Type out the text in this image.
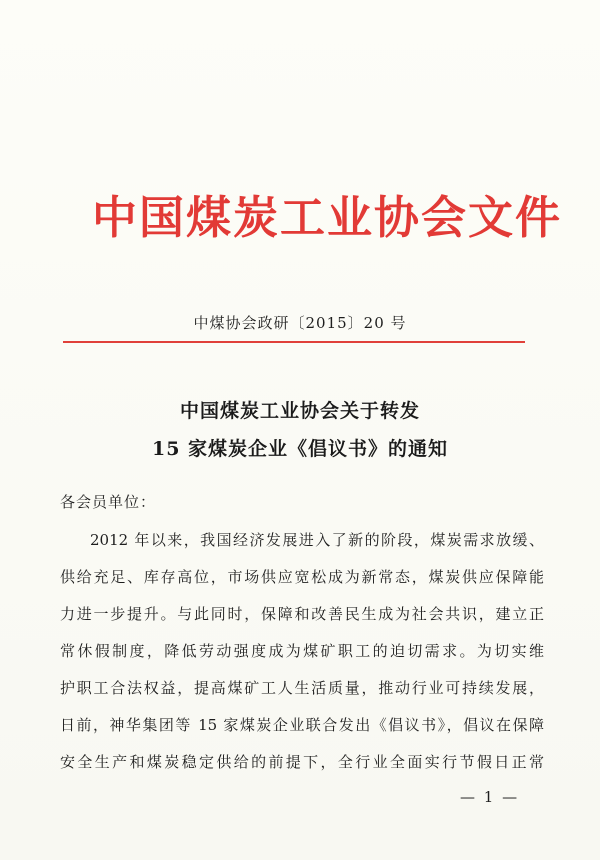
中国煤炭工业协会文件
中煤协会政研〔2015〕20 号
中国煤炭工业协会关于转发
15 家煤炭企业《倡议书》的通知
各会员单位：
2012 年以来，我国经济发展进入了新的阶段，煤炭需求放缓、
供给充足、库存高位，市场供应宽松成为新常态，煤炭供应保障能
力进一步提升。与此同时，保障和改善民生成为社会共识，建立正
常休假制度，降低劳动强度成为煤矿职工的迫切需求。为切实维
护职工合法权益，提高煤矿工人生活质量，推动行业可持续发展，
日前，神华集团等 15 家煤炭企业联合发出《倡议书》，倡议在保障
安全生产和煤炭稳定供给的前提下，全行业全面实行节假日正常
— 1 —
